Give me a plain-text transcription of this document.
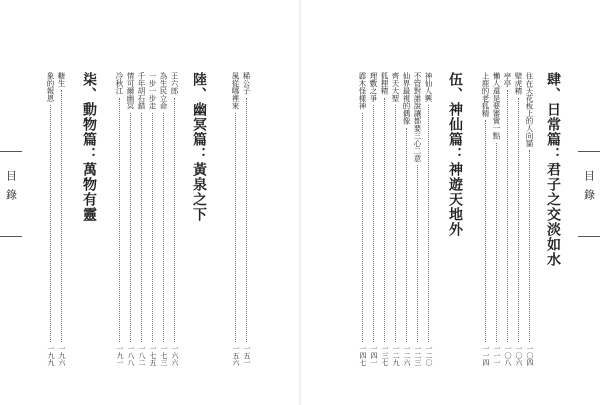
目錄	目錄
肆、日常篇：君子之交淡如水
住在天花板上的人向貓
一〇四
壁虎精
一〇六
亭亭
一〇八
懶人還是要審實一點
一一一
上鹿的老狐精
一一四
伍、神仙篇：神遊天地外
神仙人興
一二〇
不管對誰說讓都要三心二意
一二三
仙界最視的偶像
一二六
齊天大聖
一二九
狐狸精
一三七
理數之爭
一四一
霹木怪樣神
一四七
稀公子
一五一
風從哪裡來
一五六
陸、幽冥篇：黃泉之下
王六郎
一六六
為生民立命
一七三
一步一步走
一七五
千年胡石錯
一八二
情可爾幽冥
一八八
冷秋江
一九一
柒、動物篇：萬物有靈
糖生
一九六
象的報恩
一九九
